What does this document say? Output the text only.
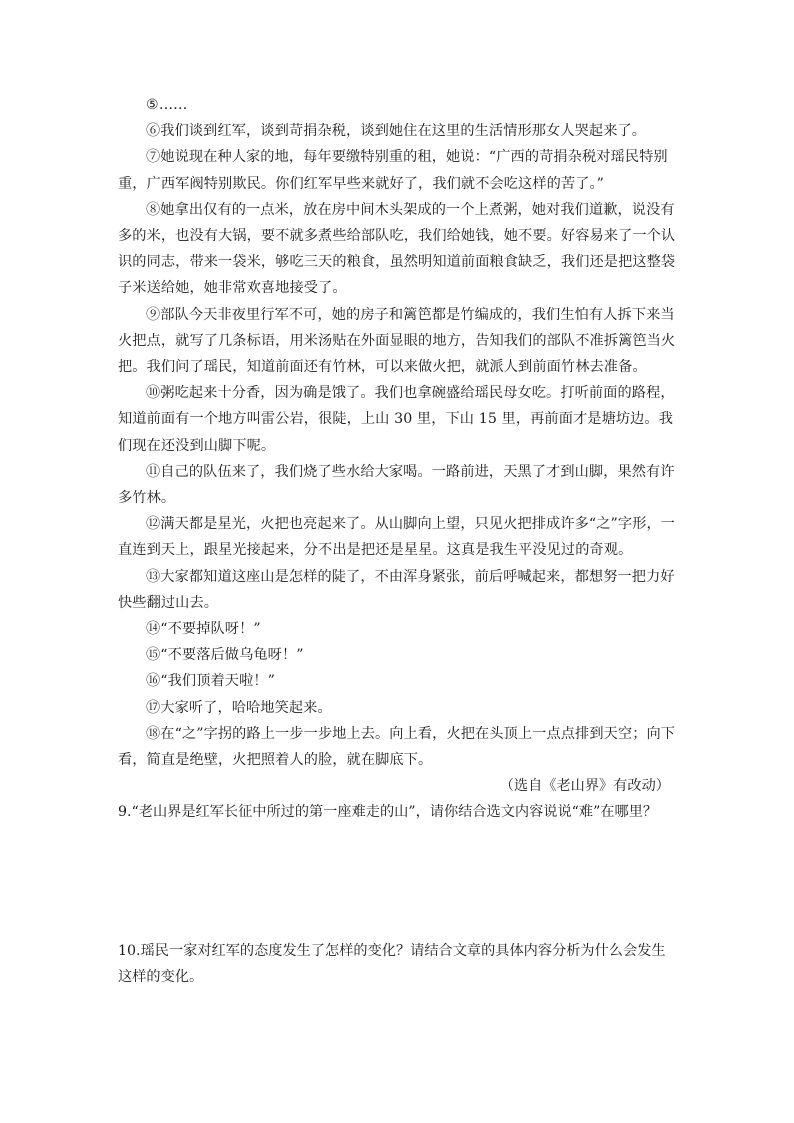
⑤……

⑥我们谈到红军，谈到苛捐杂税，谈到她住在这里的生活情形那女人哭起来了。

⑦她说现在种人家的地，每年要缴特别重的租，她说：“广西的苛捐杂税对瑶民特别重，广西军阀特别欺民。你们红军早些来就好了，我们就不会吃这样的苦了。”

⑧她拿出仅有的一点米，放在房中间木头架成的一个上煮粥，她对我们道歉，说没有多的米，也没有大锅，要不就多煮些给部队吃，我们给她钱，她不要。好容易来了一个认识的同志，带来一袋米，够吃三天的粮食，虽然明知道前面粮食缺乏，我们还是把这整袋子米送给她，她非常欢喜地接受了。

⑨部队今天非夜里行军不可，她的房子和篱笆都是竹编成的，我们生怕有人拆下来当火把点，就写了几条标语，用米汤贴在外面显眼的地方，告知我们的部队不准拆篱笆当火把。我们问了瑶民，知道前面还有竹林，可以来做火把，就派人到前面竹林去准备。

⑩粥吃起来十分香，因为确是饿了。我们也拿碗盛给瑶民母女吃。打听前面的路程，知道前面有一个地方叫雷公岩，很陡，上山 30 里，下山 15 里，再前面才是塘坊边。我们现在还没到山脚下呢。

⑪自己的队伍来了，我们烧了些水给大家喝。一路前进，天黑了才到山脚，果然有许多竹林。

⑫满天都是星光，火把也亮起来了。从山脚向上望，只见火把排成许多“之”字形，一直连到天上，跟星光接起来，分不出是把还是星星。这真是我生平没见过的奇观。

⑬大家都知道这座山是怎样的陡了，不由浑身紧张，前后呼喊起来，都想努一把力好快些翻过山去。

⑭“不要掉队呀！”

⑮“不要落后做乌龟呀！”

⑯“我们顶着天啦！”

⑰大家听了，哈哈地笑起来。

⑱在“之”字拐的路上一步一步地上去。向上看，火把在头顶上一点点排到天空；向下看，简直是绝壁，火把照着人的脸，就在脚底下。

（选自《老山界》有改动）

9.“老山界是红军长征中所过的第一座难走的山”，请你结合选文内容说说“难”在哪里？

10.瑶民一家对红军的态度发生了怎样的变化？请结合文章的具体内容分析为什么会发生这样的变化。
